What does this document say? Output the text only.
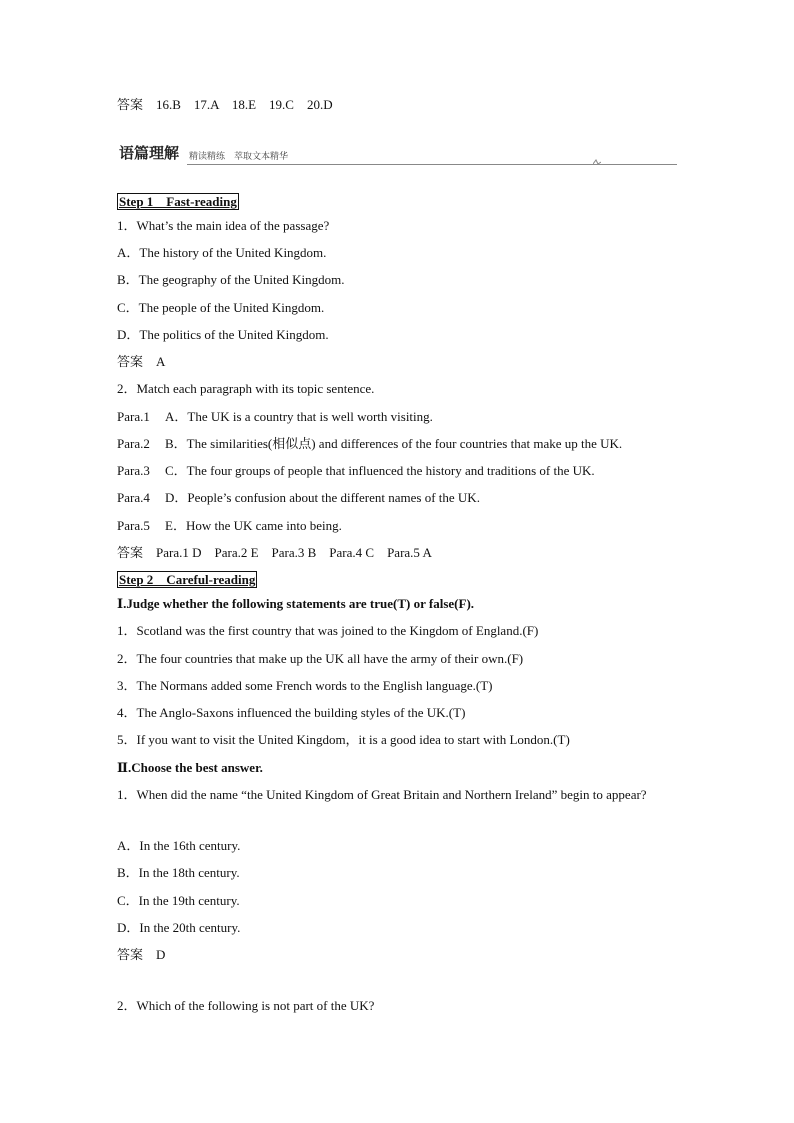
答案　16.B　17.A　18.E　19.C　20.D
语篇理解 精读精练　萃取文本精华
Step 1　Fast-reading
1．What’s the main idea of the passage?
A．The history of the United Kingdom.
B．The geography of the United Kingdom.
C．The people of the United Kingdom.
D．The politics of the United Kingdom.
答案　A
2．Match each paragraph with its topic sentence.
Para.1 A．The UK is a country that is well worth visiting.
Para.2 B．The similarities(相似点) and differences of the four countries that make up the UK.
Para.3 C．The four groups of people that influenced the history and traditions of the UK.
Para.4 D．People’s confusion about the different names of the UK.
Para.5 E．How the UK came into being.
答案　Para.1 D　Para.2 E　Para.3 B　Para.4 C　Para.5 A
Step 2　Careful-reading
Ⅰ.Judge whether the following statements are true(T) or false(F).
1．Scotland was the first country that was joined to the Kingdom of England.(F)
2．The four countries that make up the UK all have the army of their own.(F)
3．The Normans added some French words to the English language.(T)
4．The Anglo-Saxons influenced the building styles of the UK.(T)
5．If you want to visit the United Kingdom，it is a good idea to start with London.(T)
Ⅱ.Choose the best answer.
1．When did the name “the United Kingdom of Great Britain and Northern Ireland” begin to appear?
A．In the 16th century.
B．In the 18th century.
C．In the 19th century.
D．In the 20th century.
答案　D
2．Which of the following is not part of the UK?
